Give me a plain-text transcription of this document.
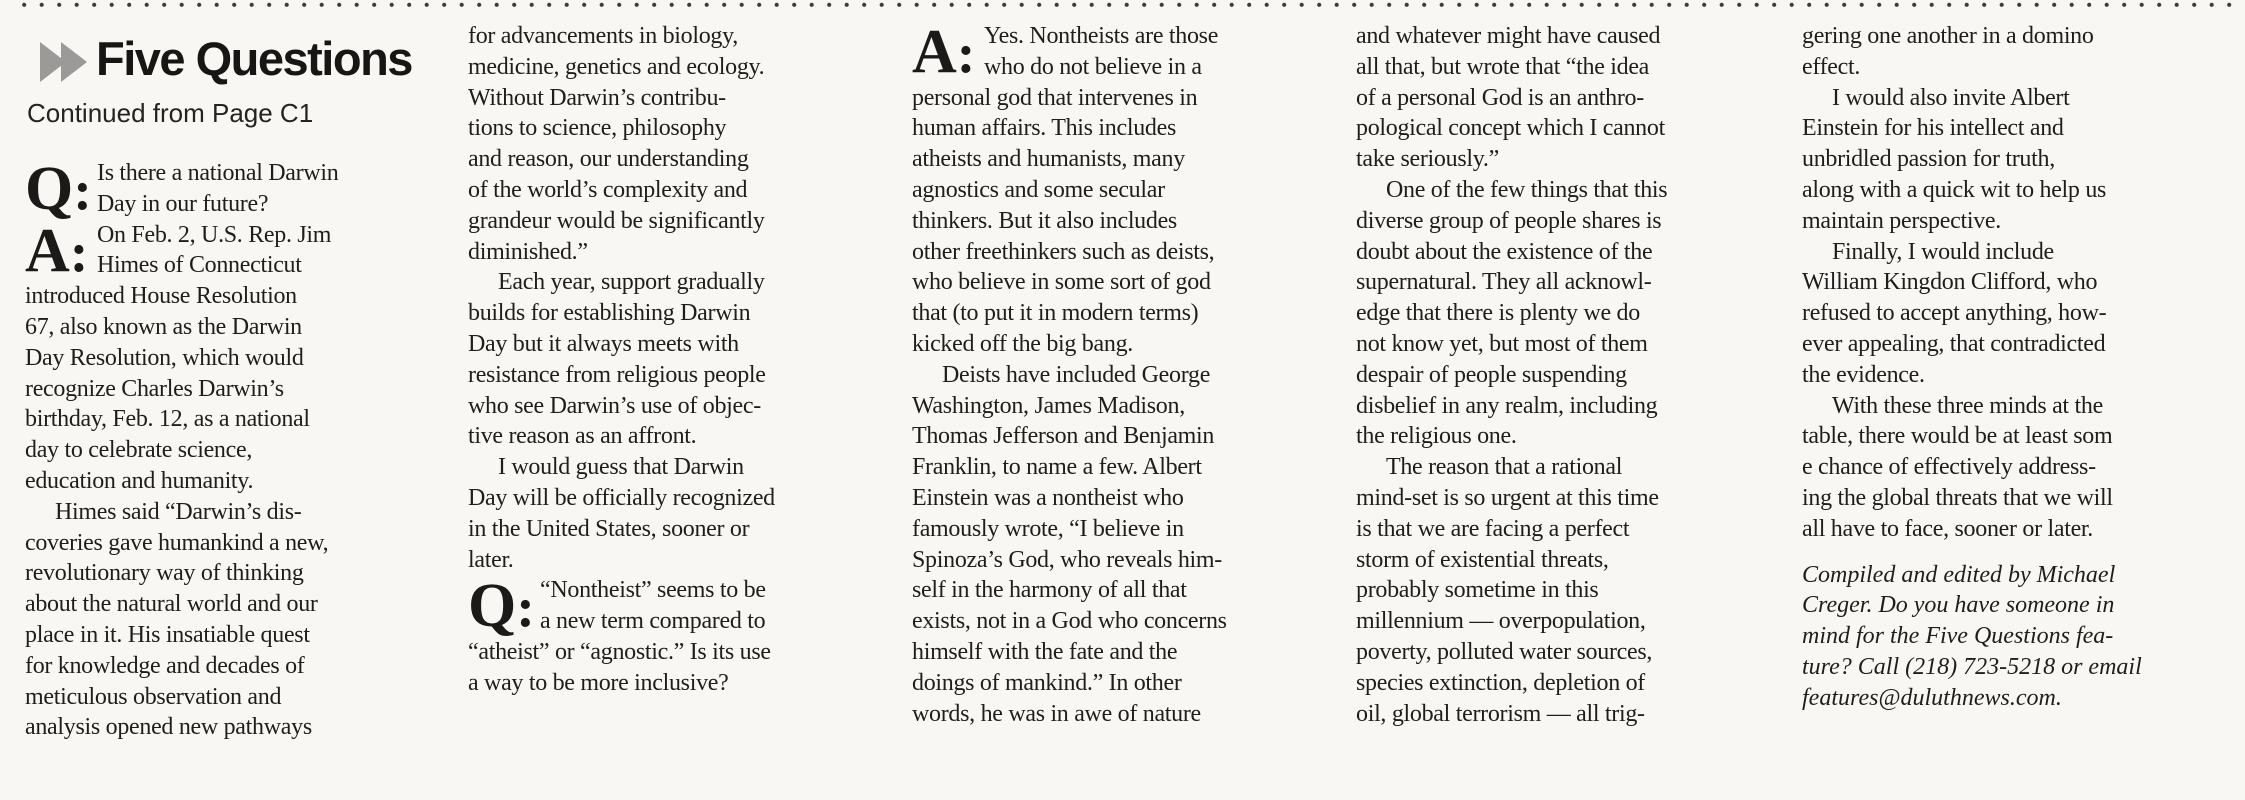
Five Questions
Continued from Page C1
Q: Is there a national Darwin
Day in our future?
A: On Feb. 2, U.S. Rep. Jim
Himes of Connecticut
introduced House Resolution
67, also known as the Darwin
Day Resolution, which would
recognize Charles Darwin’s
birthday, Feb. 12, as a national
day to celebrate science,
education and humanity.
Himes said “Darwin’s dis-
coveries gave humankind a new,
revolutionary way of thinking
about the natural world and our
place in it. His insatiable quest
for knowledge and decades of
meticulous observation and
analysis opened new pathways
for advancements in biology,
medicine, genetics and ecology.
Without Darwin’s contribu-
tions to science, philosophy
and reason, our understanding
of the world’s complexity and
grandeur would be significantly
diminished.”
Each year, support gradually
builds for establishing Darwin
Day but it always meets with
resistance from religious people
who see Darwin’s use of objec-
tive reason as an affront.
I would guess that Darwin
Day will be officially recognized
in the United States, sooner or
later.
Q: “Nontheist” seems to be
a new term compared to
“atheist” or “agnostic.” Is its use
a way to be more inclusive?
A: Yes. Nontheists are those
who do not believe in a
personal god that intervenes in
human affairs. This includes
atheists and humanists, many
agnostics and some secular
thinkers. But it also includes
other freethinkers such as deists,
who believe in some sort of god
that (to put it in modern terms)
kicked off the big bang.
Deists have included George
Washington, James Madison,
Thomas Jefferson and Benjamin
Franklin, to name a few. Albert
Einstein was a nontheist who
famously wrote, “I believe in
Spinoza’s God, who reveals him-
self in the harmony of all that
exists, not in a God who concerns
himself with the fate and the
doings of mankind.” In other
words, he was in awe of nature
and whatever might have caused
all that, but wrote that “the idea
of a personal God is an anthro-
pological concept which I cannot
take seriously.”
One of the few things that this
diverse group of people shares is
doubt about the existence of the
supernatural. They all acknowl-
edge that there is plenty we do
not know yet, but most of them
despair of people suspending
disbelief in any realm, including
the religious one.
The reason that a rational
mind-set is so urgent at this time
is that we are facing a perfect
storm of existential threats,
probably sometime in this
millennium — overpopulation,
poverty, polluted water sources,
species extinction, depletion of
oil, global terrorism — all trig-
gering one another in a domino
effect.
I would also invite Albert
Einstein for his intellect and
unbridled passion for truth,
along with a quick wit to help us
maintain perspective.
Finally, I would include
William Kingdon Clifford, who
refused to accept anything, how-
ever appealing, that contradicted
the evidence.
With these three minds at the
table, there would be at least som
e chance of effectively address-
ing the global threats that we will
all have to face, sooner or later.
Compiled and edited by Michael
Creger. Do you have someone in
mind for the Five Questions fea-
ture? Call (218) 723-5218 or email
features@duluthnews.com.
